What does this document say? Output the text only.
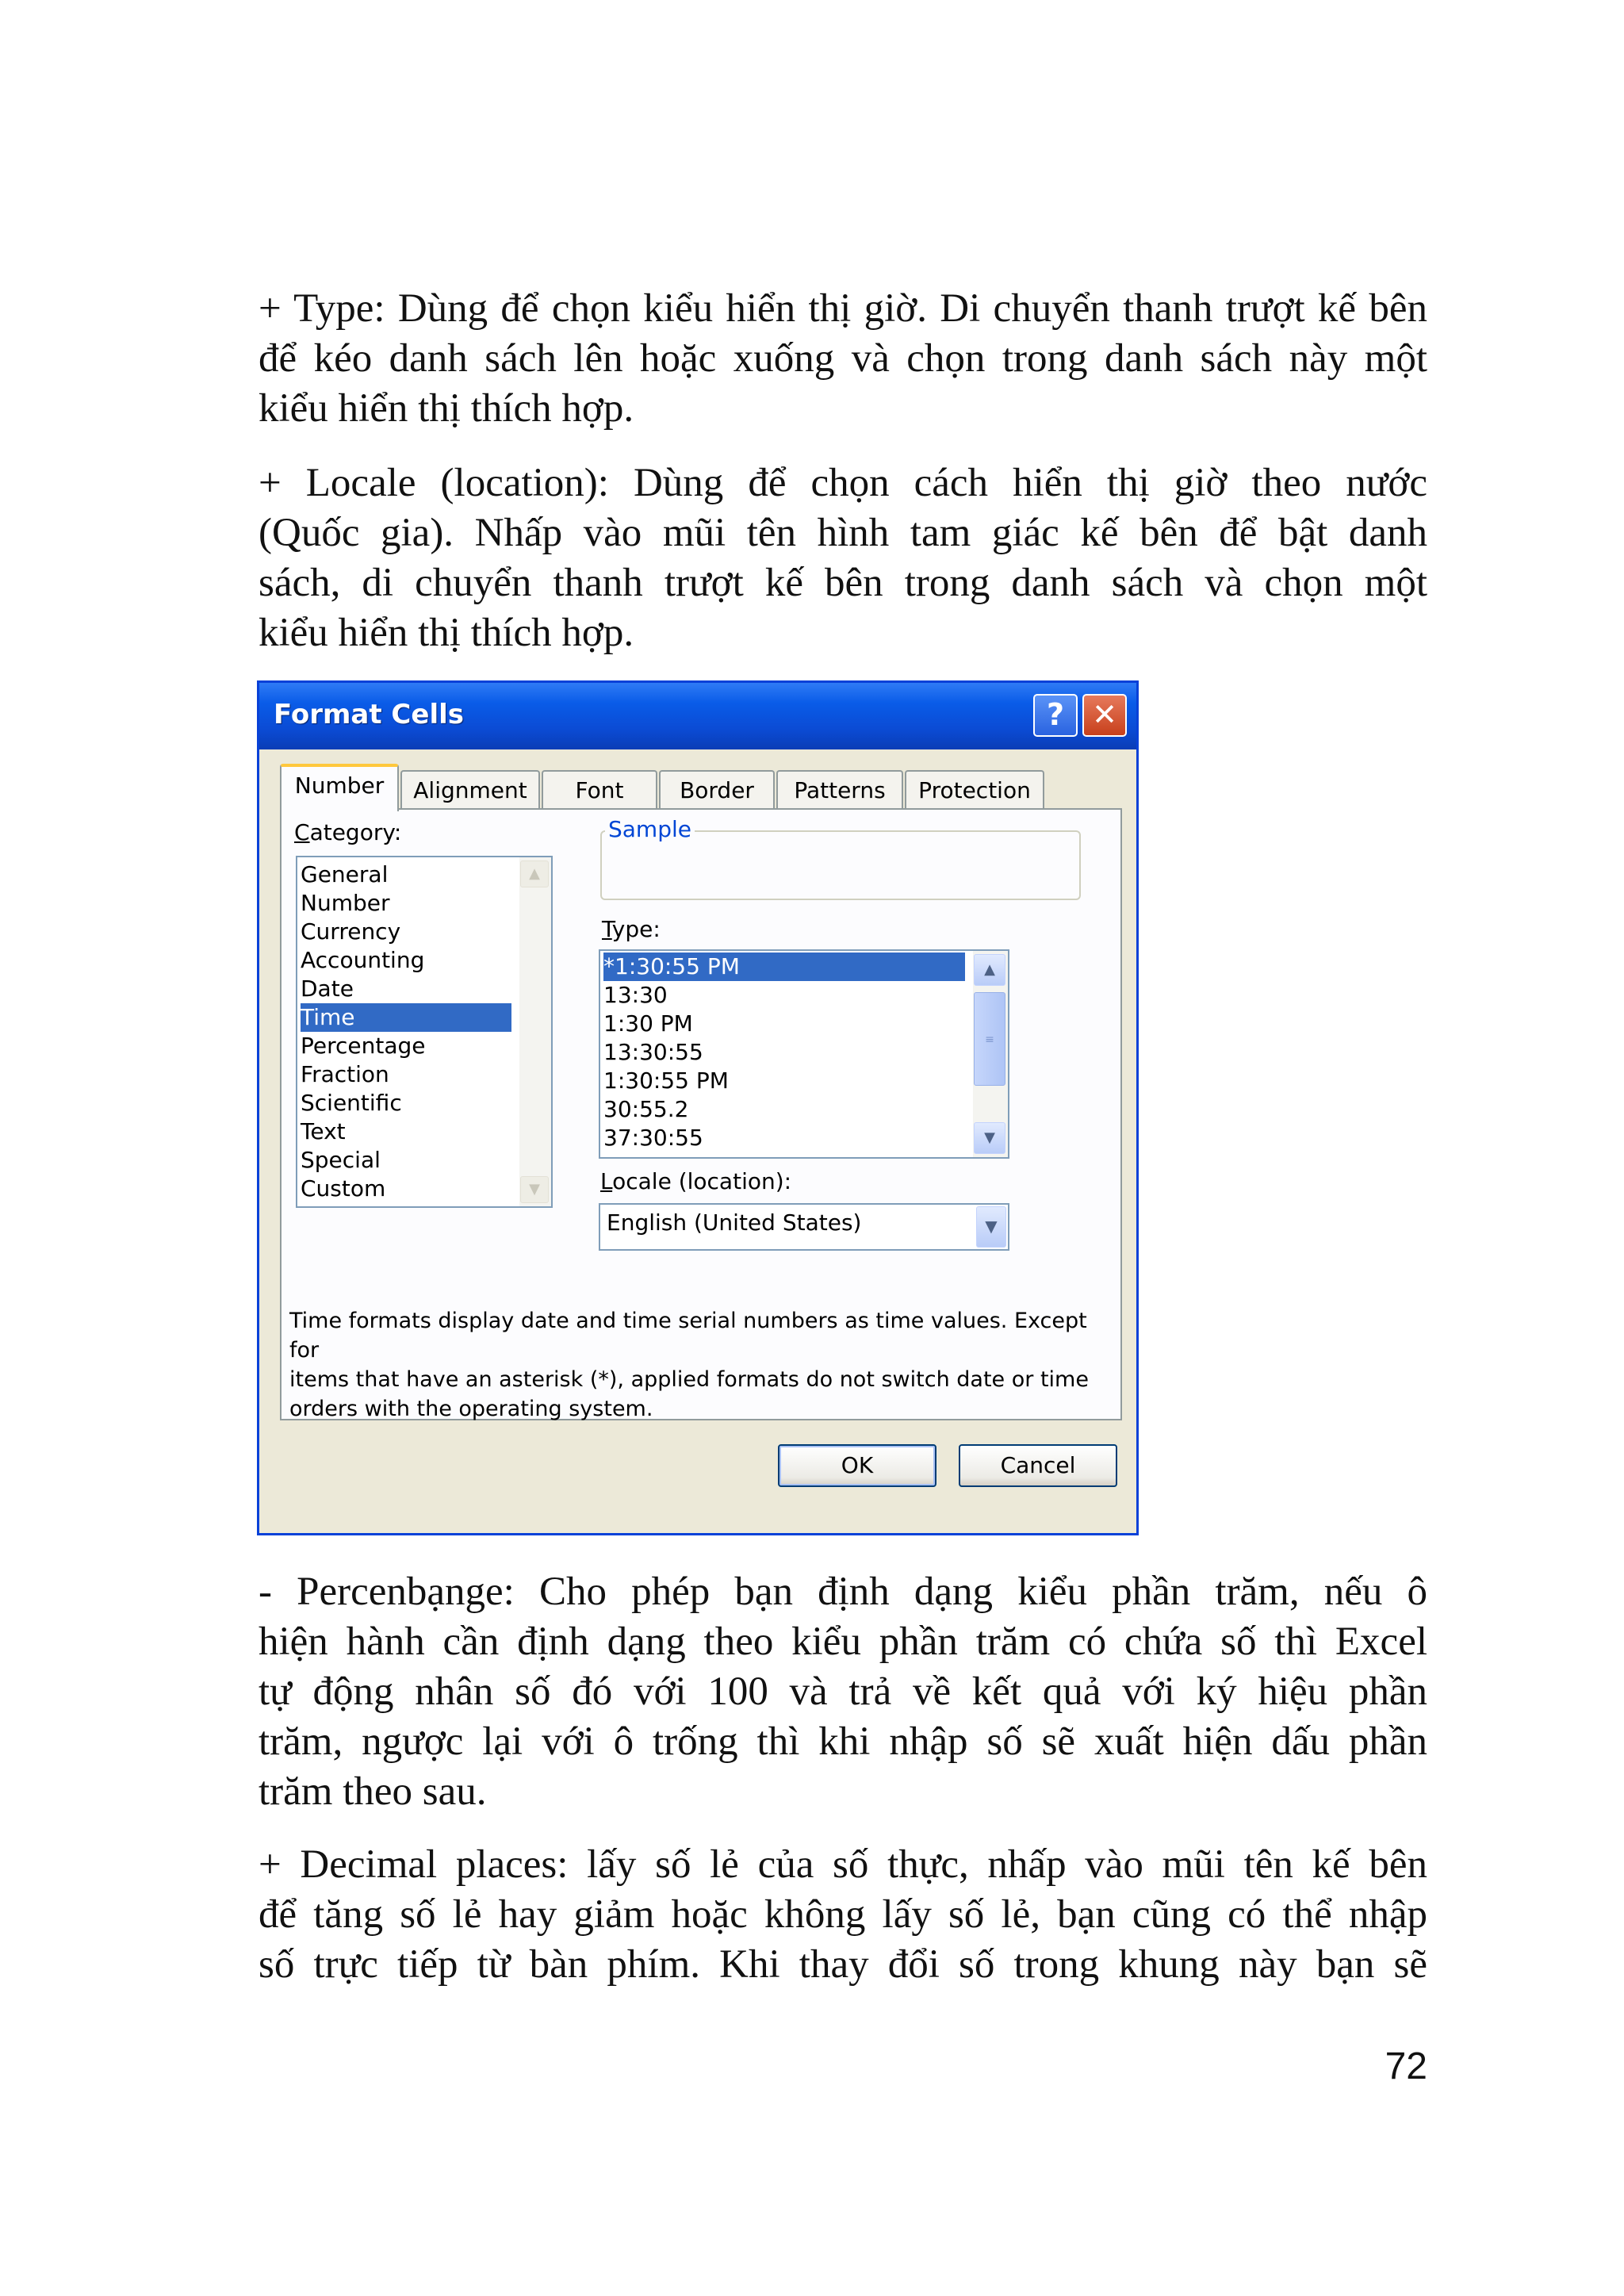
+ Type: Dùng để chọn kiểu hiển thị giờ. Di chuyển thanh trượt kế bên
để kéo danh sách lên hoặc xuống và chọn trong danh sách này một
kiểu hiển thị thích hợp.
+ Locale (location): Dùng để chọn cách hiển thị giờ theo nước
(Quốc gia). Nhấp vào mũi tên hình tam giác kế bên để bật danh
sách, di chuyển thanh trượt kế bên trong danh sách và chọn một
kiểu hiển thị thích hợp.
Format Cells	? ✕
Number	Alignment	Font	Border	Patterns	Protection
Category:
General
Number
Currency
Accounting
Date
Time
Percentage
Fraction
Scientific
Text
Special
Custom
▲
▼
Sample
Type:
*1:30:55 PM
13:30
1:30 PM
13:30:55
1:30:55 PM
30:55.2
37:30:55
▲
≡
▼
Locale (location):
English (United States)	▼
Time formats display date and time serial numbers as time values. Except for
items that have an asterisk (*), applied formats do not switch date or time
orders with the operating system.
OK	Cancel
- Percenbạnge: Cho phép bạn định dạng kiểu phần trăm, nếu ô
hiện hành cần định dạng theo kiểu phần trăm có chứa số thì Excel
tự động nhân số đó với 100 và trả về kết quả với ký hiệu phần
trăm, ngược lại với ô trống thì khi nhập số sẽ xuất hiện dấu phần
trăm theo sau.
+ Decimal places: lấy số lẻ của số thực, nhấp vào mũi tên kế bên
để tăng số lẻ hay giảm hoặc không lấy số lẻ, bạn cũng có thể nhập
số trực tiếp từ bàn phím. Khi thay đổi số trong khung này bạn sẽ
72
